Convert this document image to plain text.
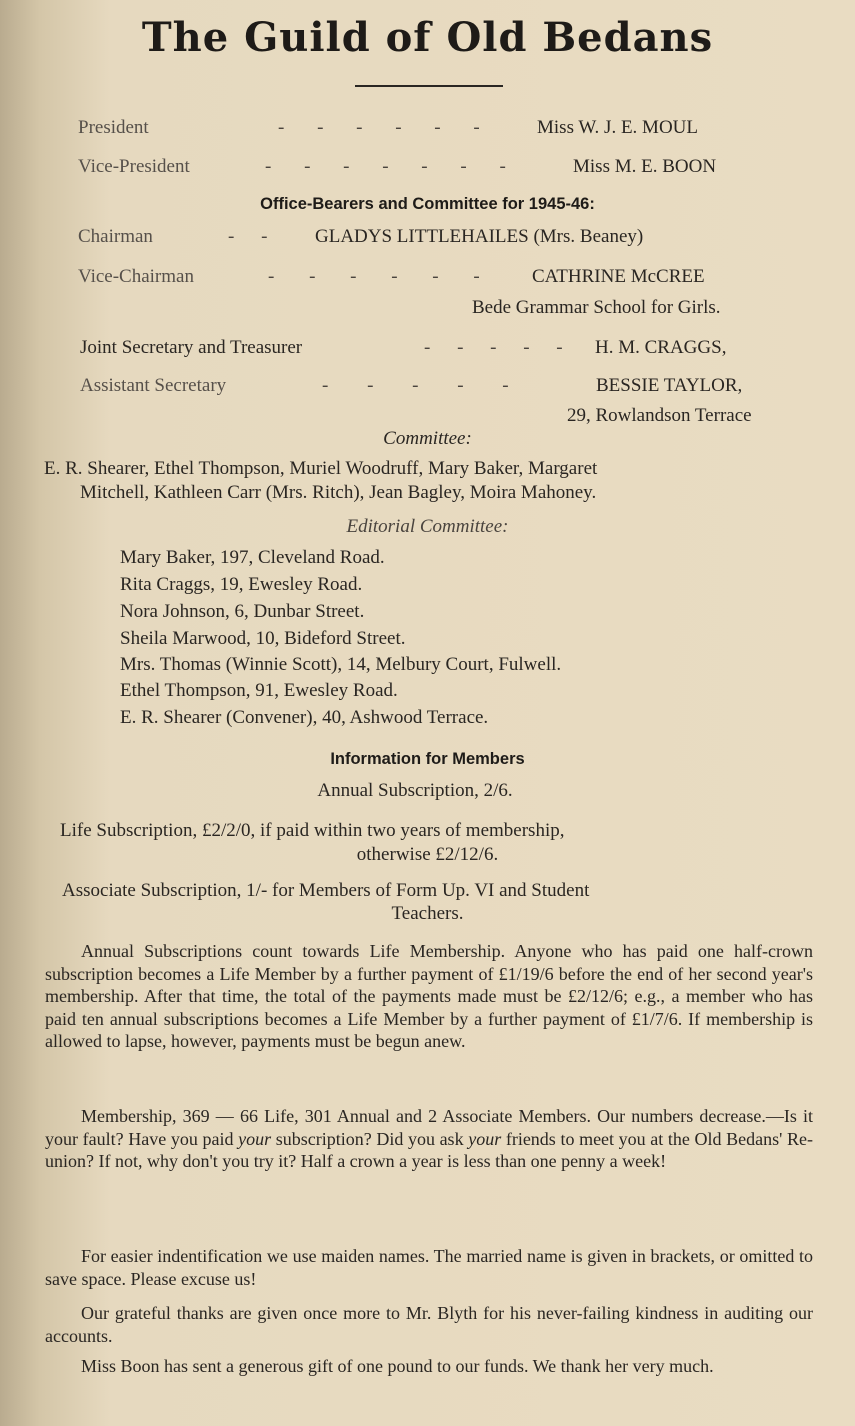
The Guild of Old Bedans
President	- - - - - -	Miss W. J. E. MOUL
Vice-President	- - - - - - -	Miss M. E. BOON
Office-Bearers and Committee for 1945-46:
Chairman	- -	GLADYS LITTLEHAILES (Mrs. Beaney)
Vice-Chairman	- - - - - -	CATHRINE McCREE
Bede Grammar School for Girls.
Joint Secretary and Treasurer	- - - - - H. M. CRAGGS,
Assistant Secretary	- - - - -	BESSIE TAYLOR,
29, Rowlandson Terrace
Committee:
E. R. Shearer, Ethel Thompson, Muriel Woodruff, Mary Baker, Margaret
Mitchell, Kathleen Carr (Mrs. Ritch), Jean Bagley, Moira Mahoney.
Editorial Committee:
Mary Baker, 197, Cleveland Road.
Rita Craggs, 19, Ewesley Road.
Nora Johnson, 6, Dunbar Street.
Sheila Marwood, 10, Bideford Street.
Mrs. Thomas (Winnie Scott), 14, Melbury Court, Fulwell.
Ethel Thompson, 91, Ewesley Road.
E. R. Shearer (Convener), 40, Ashwood Terrace.
Information for Members
Annual Subscription, 2/6.
Life Subscription, £2/2/0, if paid within two years of membership,
otherwise £2/12/6.
Associate Subscription, 1/- for Members of Form Up. VI and Student
Teachers.
Annual Subscriptions count towards Life Membership. Anyone who has paid one half-crown subscription becomes a Life Member by a further payment of £1/19/6 before the end of her second year's membership. After that time, the total of the payments made must be £2/12/6; e.g., a member who has paid ten annual subscriptions becomes a Life Member by a further payment of £1/7/6. If membership is allowed to lapse, however, payments must be begun anew.
Membership, 369 — 66 Life, 301 Annual and 2 Associate Members. Our numbers decrease.—Is it your fault? Have you paid your subscription? Did you ask your friends to meet you at the Old Bedans' Re-union? If not, why don't you try it? Half a crown a year is less than one penny a week!
For easier indentification we use maiden names. The married name is given in brackets, or omitted to save space. Please excuse us!
Our grateful thanks are given once more to Mr. Blyth for his never-failing kindness in auditing our accounts.
Miss Boon has sent a generous gift of one pound to our funds. We thank her very much.
